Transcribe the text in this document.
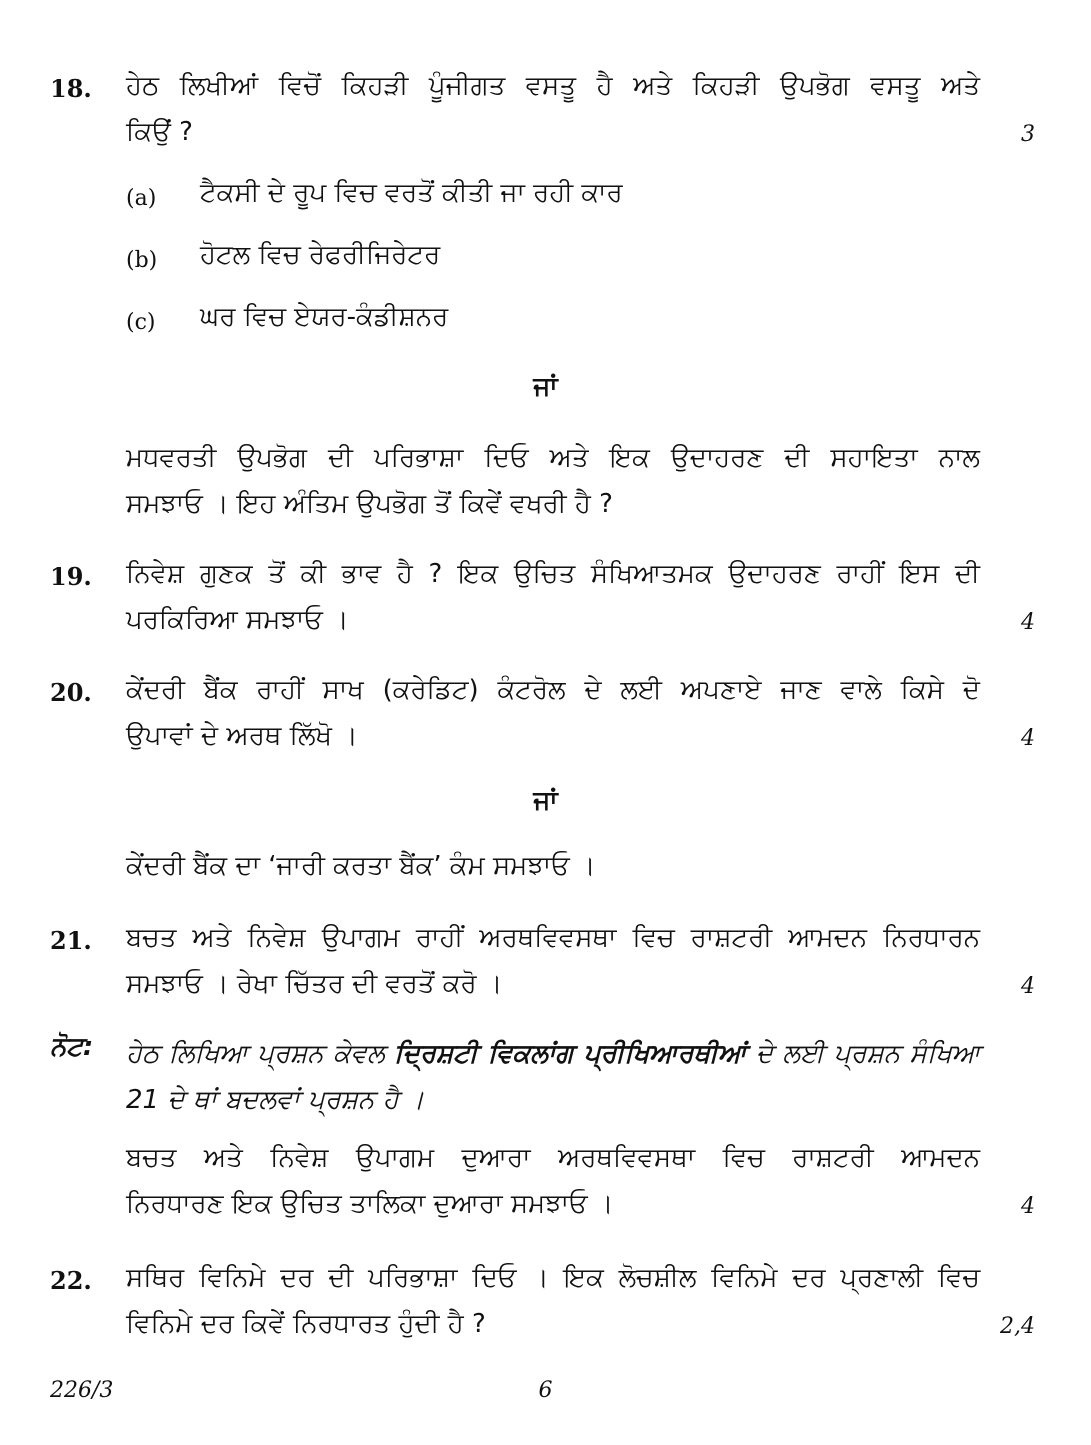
18.	ਹੇਠ ਲਿਖੀਆਂ ਵਿਚੋਂ ਕਿਹੜੀ ਪੂੰਜੀਗਤ ਵਸਤੂ ਹੈ ਅਤੇ ਕਿਹੜੀ ਉਪਭੋਗ ਵਸਤੂ ਅਤੇ
ਕਿਉਂ ?	3
(a) ਟੈਕਸੀ ਦੇ ਰੂਪ ਵਿਚ ਵਰਤੋਂ ਕੀਤੀ ਜਾ ਰਹੀ ਕਾਰ
(b) ਹੋਟਲ ਵਿਚ ਰੇਫਰੀਜਿਰੇਟਰ
(c) ਘਰ ਵਿਚ ਏਯਰ-ਕੰਡੀਸ਼ਨਰ
ਜਾਂ
ਮਧਵਰਤੀ ਉਪਭੋਗ ਦੀ ਪਰਿਭਾਸ਼ਾ ਦਿਓ ਅਤੇ ਇਕ ਉਦਾਹਰਣ ਦੀ ਸਹਾਇਤਾ ਨਾਲ
ਸਮਝਾਓ । ਇਹ ਅੰਤਿਮ ਉਪਭੋਗ ਤੋਂ ਕਿਵੇਂ ਵਖਰੀ ਹੈ ?
19.	ਨਿਵੇਸ਼ ਗੁਣਕ ਤੋਂ ਕੀ ਭਾਵ ਹੈ ? ਇਕ ਉਚਿਤ ਸੰਖਿਆਤਮਕ ਉਦਾਹਰਣ ਰਾਹੀਂ ਇਸ ਦੀ
ਪਰਕਿਰਿਆ ਸਮਝਾਓ ।	4
20.	ਕੇਂਦਰੀ ਬੈਂਕ ਰਾਹੀਂ ਸਾਖ (ਕਰੇਡਿਟ) ਕੰਟਰੋਲ ਦੇ ਲਈ ਅਪਣਾਏ ਜਾਣ ਵਾਲੇ ਕਿਸੇ ਦੋ
ਉਪਾਵਾਂ ਦੇ ਅਰਥ ਲਿੱਖੋ ।	4
ਜਾਂ
ਕੇਂਦਰੀ ਬੈਂਕ ਦਾ ‘ਜਾਰੀ ਕਰਤਾ ਬੈਂਕ’ ਕੰਮ ਸਮਝਾਓ ।
21.	ਬਚਤ ਅਤੇ ਨਿਵੇਸ਼ ਉਪਾਗਮ ਰਾਹੀਂ ਅਰਥਵਿਵਸਥਾ ਵਿਚ ਰਾਸ਼ਟਰੀ ਆਮਦਨ ਨਿਰਧਾਰਨ
ਸਮਝਾਓ । ਰੇਖਾ ਚਿੱਤਰ ਦੀ ਵਰਤੋਂ ਕਰੋ ।	4
ਨੋਟ: ਹੇਠ ਲਿਖਿਆ ਪ੍ਰਸ਼ਨ ਕੇਵਲ ਦ੍ਰਿਸ਼ਟੀ ਵਿਕਲਾਂਗ ਪ੍ਰੀਖਿਆਰਥੀਆਂ ਦੇ ਲਈ ਪ੍ਰਸ਼ਨ ਸੰਖਿਆ
21 ਦੇ ਥਾਂ ਬਦਲਵਾਂ ਪ੍ਰਸ਼ਨ ਹੈ ।
ਬਚਤ ਅਤੇ ਨਿਵੇਸ਼ ਉਪਾਗਮ ਦੁਆਰਾ ਅਰਥਵਿਵਸਥਾ ਵਿਚ ਰਾਸ਼ਟਰੀ ਆਮਦਨ
ਨਿਰਧਾਰਣ ਇਕ ਉਚਿਤ ਤਾਲਿਕਾ ਦੁਆਰਾ ਸਮਝਾਓ ।	4
22.	ਸਥਿਰ ਵਿਨਿਮੇ ਦਰ ਦੀ ਪਰਿਭਾਸ਼ਾ ਦਿਓ । ਇਕ ਲੋਚਸ਼ੀਲ ਵਿਨਿਮੇ ਦਰ ਪ੍ਰਣਾਲੀ ਵਿਚ
ਵਿਨਿਮੇ ਦਰ ਕਿਵੇਂ ਨਿਰਧਾਰਤ ਹੁੰਦੀ ਹੈ ?	2,4
226/3	6
